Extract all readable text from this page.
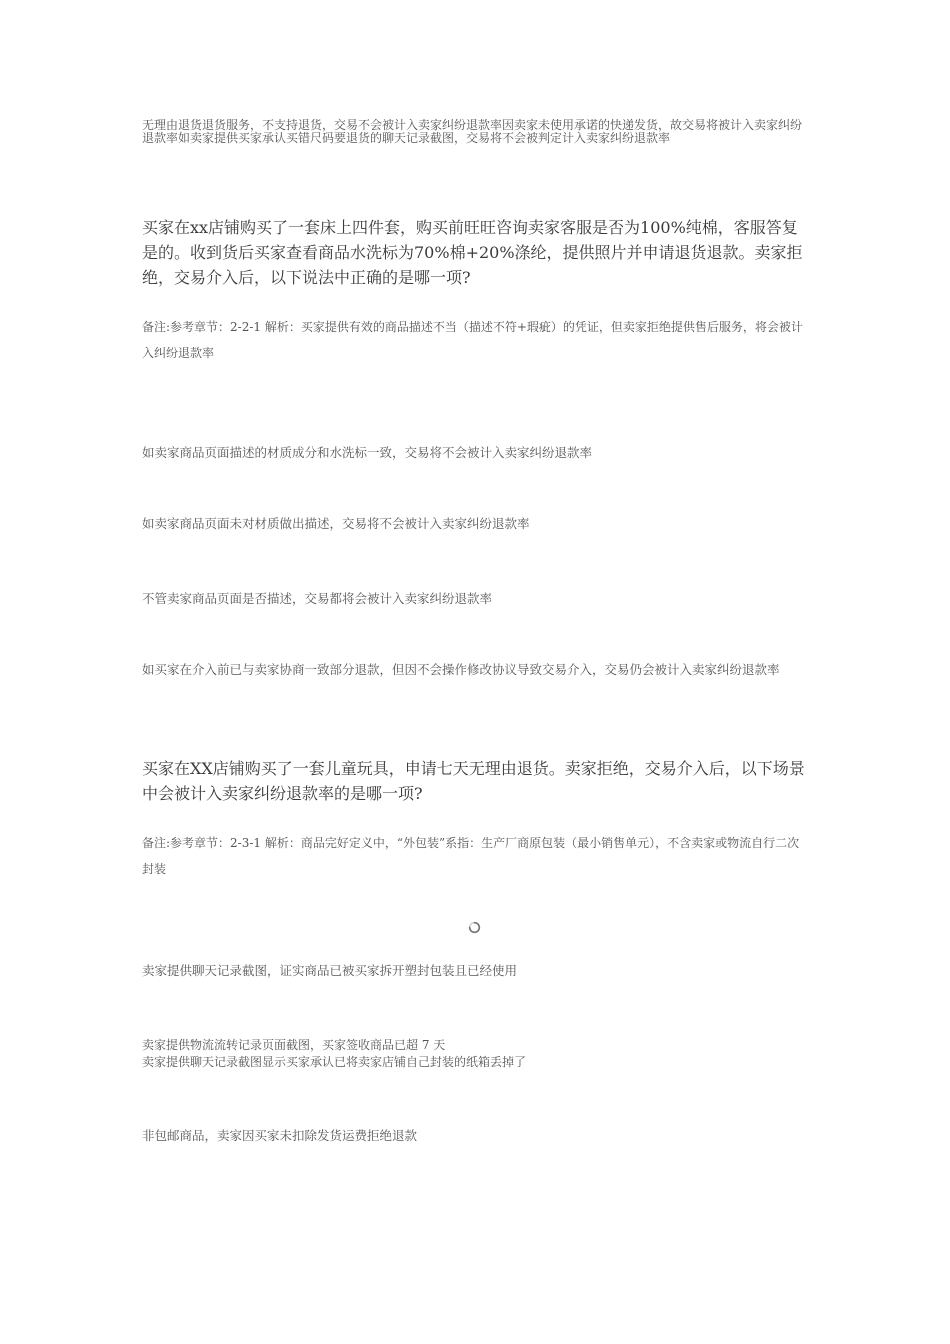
无理由退货退货服务，不支持退货，交易不会被计入卖家纠纷退款率因卖家未使用承诺的快递发货，故交易将被计入卖家纠纷退款率如卖家提供买家承认买错尺码要退货的聊天记录截图，交易将不会被判定计入卖家纠纷退款率

买家在xx店铺购买了一套床上四件套，购买前旺旺咨询卖家客服是否为100%纯棉，客服答复是的。收到货后买家查看商品水洗标为70%棉+20%涤纶，提供照片并申请退货退款。卖家拒绝，交易介入后，以下说法中正确的是哪一项?

备注:参考章节：2-2-1 解析：买家提供有效的商品描述不当（描述不符+瑕疵）的凭证，但卖家拒绝提供售后服务，将会被计入纠纷退款率

如卖家商品页面描述的材质成分和水洗标一致，交易将不会被计入卖家纠纷退款率

如卖家商品页面未对材质做出描述，交易将不会被计入卖家纠纷退款率

不管卖家商品页面是否描述，交易都将会被计入卖家纠纷退款率

如买家在介入前已与卖家协商一致部分退款，但因不会操作修改协议导致交易介入，交易仍会被计入卖家纠纷退款率

买家在XX店铺购买了一套儿童玩具，申请七天无理由退货。卖家拒绝，交易介入后，以下场景中会被计入卖家纠纷退款率的是哪一项?

备注:参考章节：2-3-1 解析：商品完好定义中，“外包装”系指：生产厂商原包装（最小销售单元），不含卖家或物流自行二次封装

卖家提供聊天记录截图，证实商品已被买家拆开塑封包装且已经使用

卖家提供物流流转记录页面截图，买家签收商品已超 7 天

卖家提供聊天记录截图显示买家承认已将卖家店铺自己封装的纸箱丢掉了

非包邮商品，卖家因买家未扣除发货运费拒绝退款
